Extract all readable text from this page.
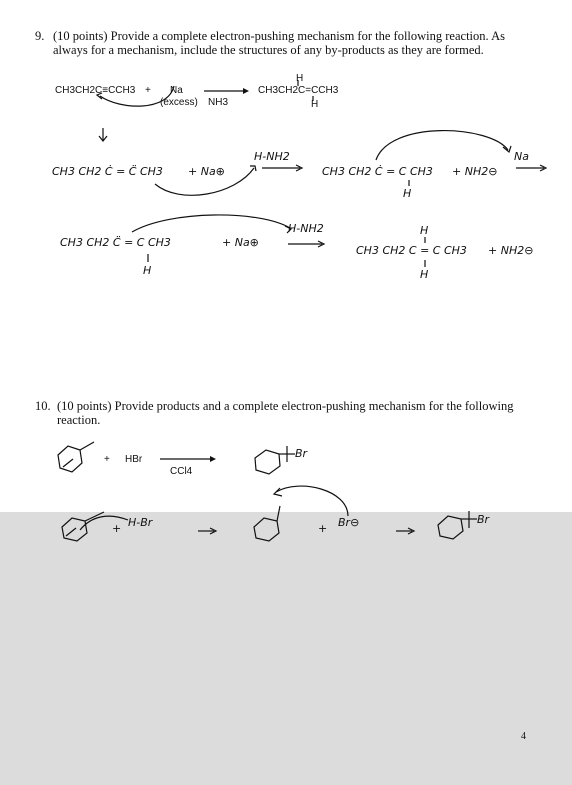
9. (10 points) Provide a complete electron-pushing mechanism for the following reaction. As
always for a mechanism, include the structures of any by-products as they are formed.
CH3CH2C≡CCH3 + Na
(excess) NH3
H
CH3CH2C=CCH3
H
CH3 CH2 Ċ = C̈ CH3 + Na⊕
H-NH2
CH3 CH2 Ċ = C CH3
H
+ NH2⊖
Na
CH3 CH2 C̈ = C CH3
H
+ Na⊕
H-NH2	H
CH3 CH2 C = C CH3
H
+ NH2⊖
10. (10 points) Provide products and a complete electron-pushing mechanism for the following
reaction.
+ HBr
CCl4
Br
+ H-Br	+ Br⊖	Br
4
